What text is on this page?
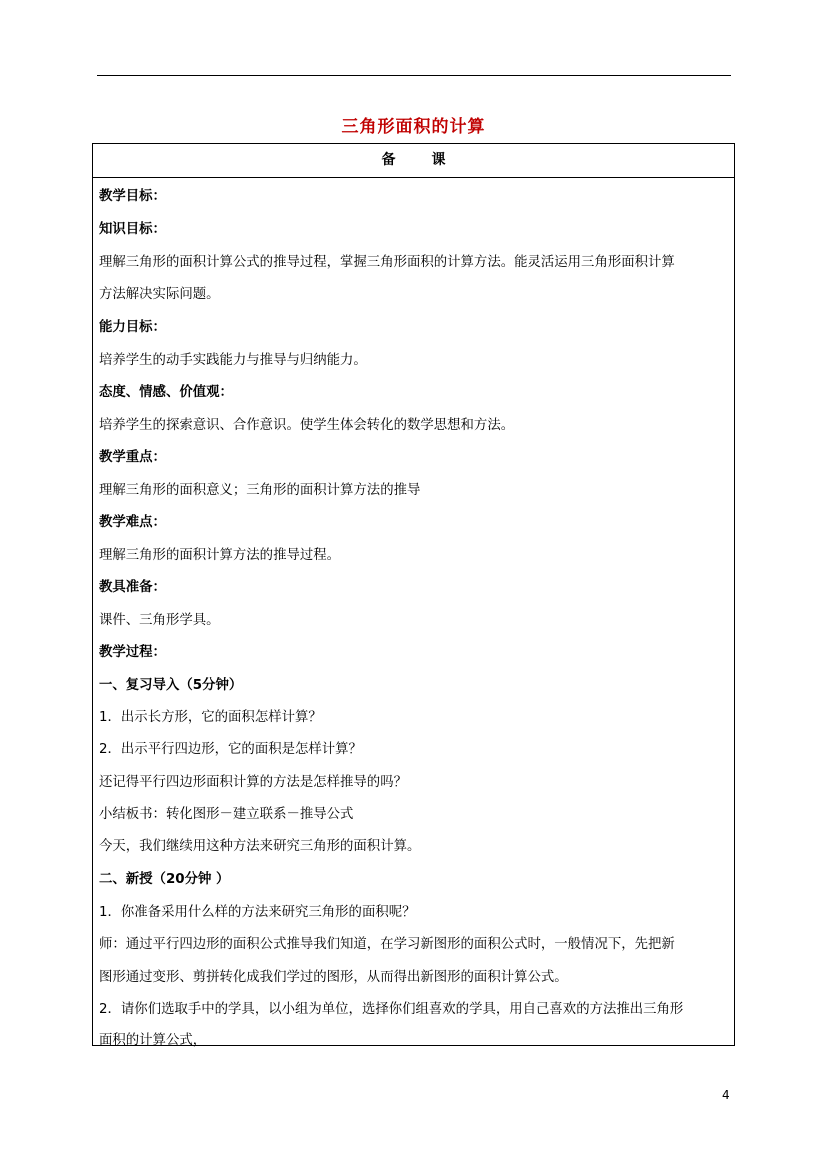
三角形面积的计算
备	课
教学目标：
知识目标：
理解三角形的面积计算公式的推导过程，掌握三角形面积的计算方法。能灵活运用三角形面积计算
方法解决实际问题。
能力目标：
培养学生的动手实践能力与推导与归纳能力。
态度、情感、价值观：
培养学生的探索意识、合作意识。使学生体会转化的数学思想和方法。
教学重点：
理解三角形的面积意义；三角形的面积计算方法的推导
教学难点：
理解三角形的面积计算方法的推导过程。
教具准备：
课件、三角形学具。
教学过程：
一、复习导入（5分钟）
1．出示长方形，它的面积怎样计算？
2．出示平行四边形，它的面积是怎样计算？
还记得平行四边形面积计算的方法是怎样推导的吗？
小结板书：转化图形－建立联系－推导公式
今天，我们继续用这种方法来研究三角形的面积计算。
二、新授（20分钟 ）
1．你准备采用什么样的方法来研究三角形的面积呢？
师：通过平行四边形的面积公式推导我们知道，在学习新图形的面积公式时，一般情况下，先把新
图形通过变形、剪拼转化成我们学过的图形，从而得出新图形的面积计算公式。
2．请你们选取手中的学具，以小组为单位，选择你们组喜欢的学具，用自己喜欢的方法推出三角形
面积的计算公式，
4
